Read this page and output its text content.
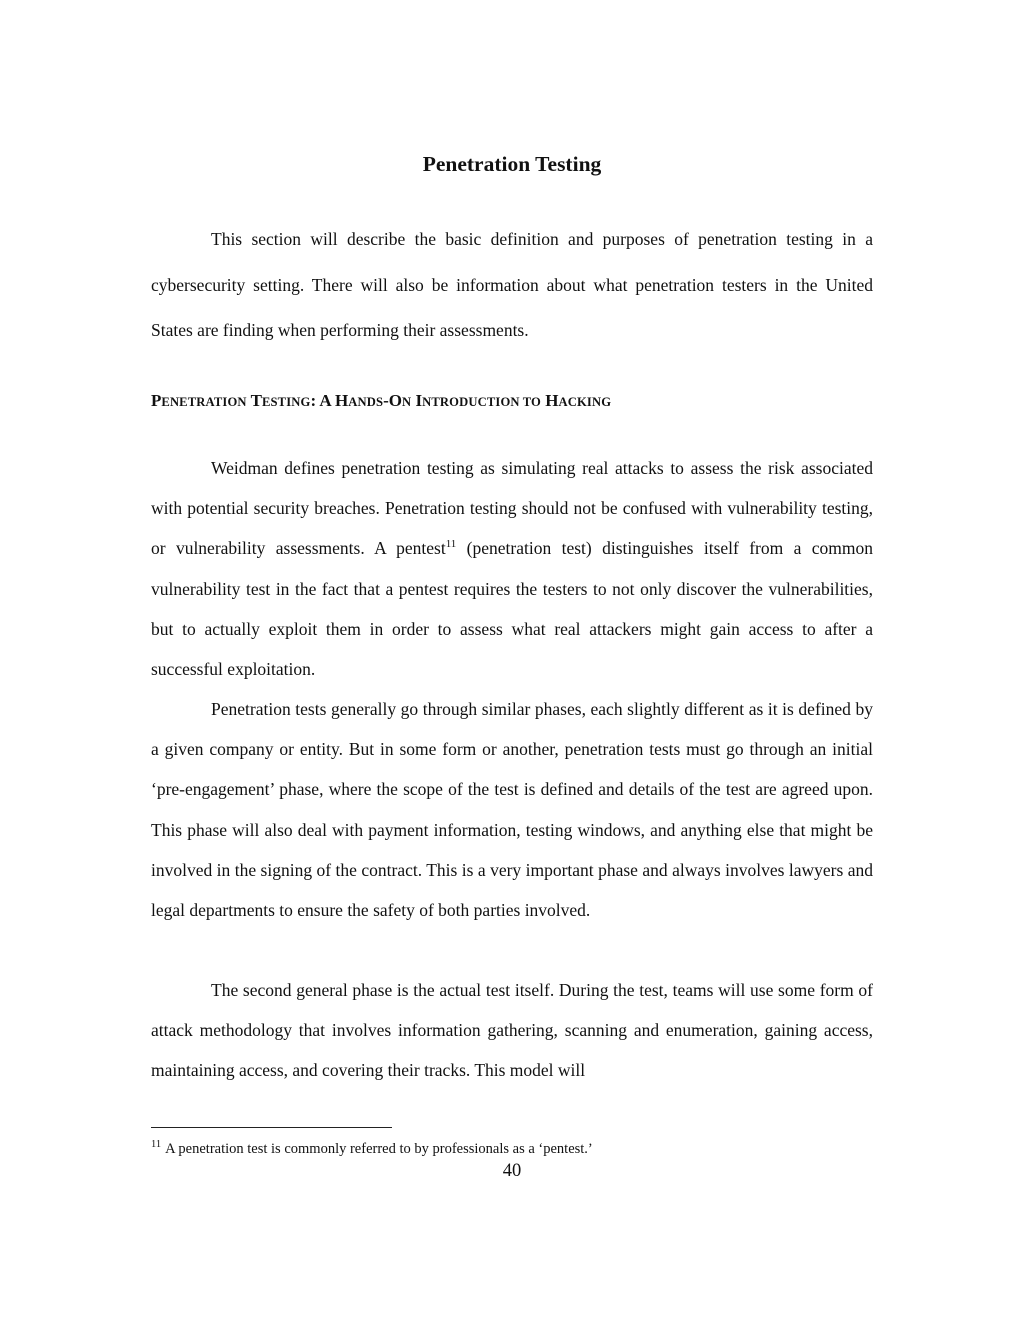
Penetration Testing

This section will describe the basic definition and purposes of penetration testing in a cybersecurity setting. There will also be information about what penetration testers in the United States are finding when performing their assessments.

PENETRATION TESTING: A HANDS-ON INTRODUCTION TO HACKING

Weidman defines penetration testing as simulating real attacks to assess the risk associated with potential security breaches. Penetration testing should not be confused with vulnerability testing, or vulnerability assessments. A pentest$^{11}$ (penetration test) distinguishes itself from a common vulnerability test in the fact that a pentest requires the testers to not only discover the vulnerabilities, but to actually exploit them in order to assess what real attackers might gain access to after a successful exploitation.

Penetration tests generally go through similar phases, each slightly different as it is defined by a given company or entity. But in some form or another, penetration tests must go through an initial ‘pre-engagement’ phase, where the scope of the test is defined and details of the test are agreed upon. This phase will also deal with payment information, testing windows, and anything else that might be involved in the signing of the contract. This is a very important phase and always involves lawyers and legal departments to ensure the safety of both parties involved.

The second general phase is the actual test itself. During the test, teams will use some form of attack methodology that involves information gathering, scanning and enumeration, gaining access, maintaining access, and covering their tracks. This model will

$^{11}$ A penetration test is commonly referred to by professionals as a ‘pentest.’

40
